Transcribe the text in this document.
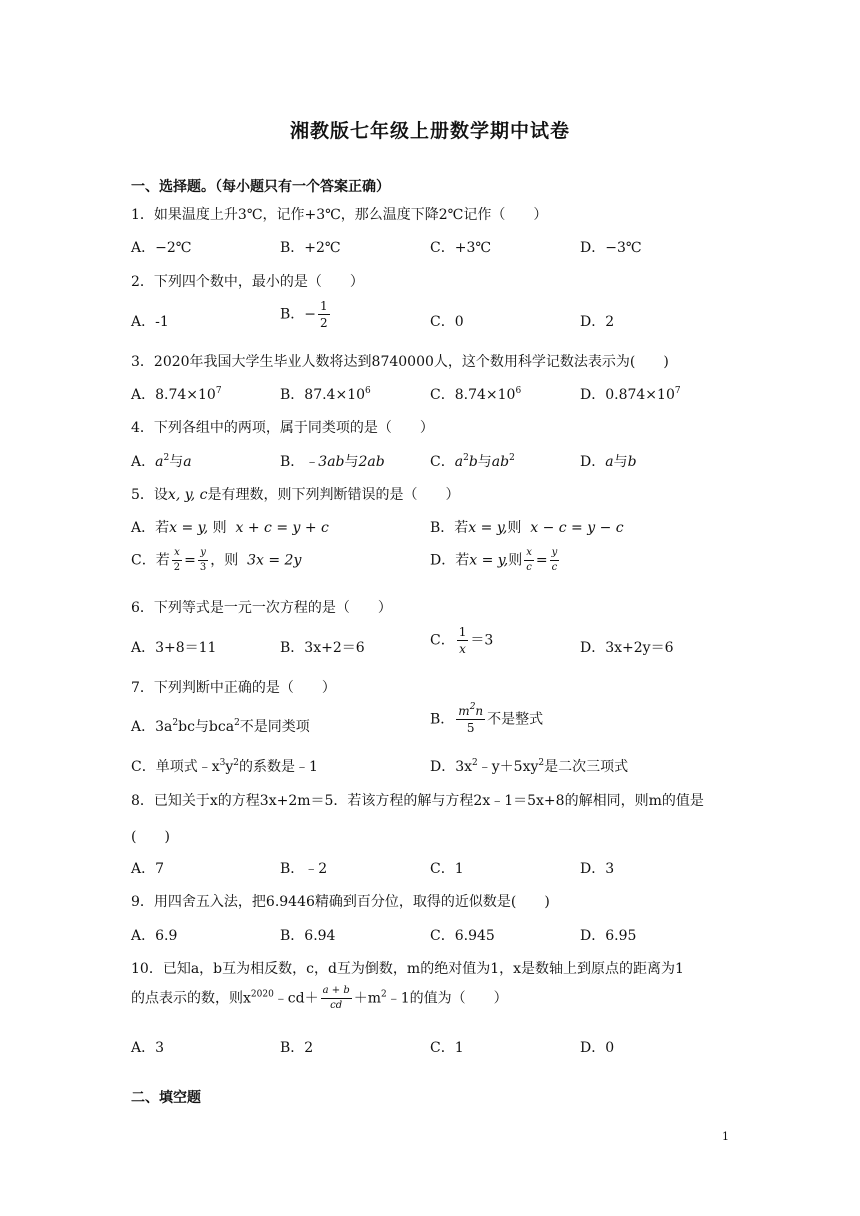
湘教版七年级上册数学期中试卷
一、选择题。（每小题只有一个答案正确）
1．如果温度上升3℃，记作+3℃，那么温度下降2℃记作（　　）
A．−2℃	B．+2℃	C．+3℃	D．−3℃
2．下列四个数中，最小的是（　　）
A．-1	B．− $\frac{1}{2}$	C．0	D．2
3．2020年我国大学生毕业人数将达到8740000人，这个数用科学记数法表示为(　　)
A．$8.74\times 10^7$	B．$87.4\times 10^6$	C．$8.74\times 10^6$	D．$0.874\times 10^7$
4．下列各组中的两项，属于同类项的是（　　）
A．$a^2$与a	B．﹣3ab与2ab	C．$a^2b$与$ab^2$	D．a与b
5．设x, y, c是有理数，则下列判断错误的是（　　）
A．若x = y, 则 x + c = y + c	B．若x = y,则 x − c = y − c
C．若 $\frac{x}{2} = \frac{y}{3}$ ，则 3x = 2y	D．若x = y,则 $\frac{x}{c} = \frac{y}{c}$
6．下列等式是一元一次方程的是（　　）
A．3+8＝11	B．3x+2＝6	C． $\frac{1}{x} =3$	D．3x+2y＝6
7．下列判断中正确的是（　　）
A．$3a^2bc$与bca$^2$不是同类项	B． $\frac{m^2n}{5}$ 不是整式
C．单项式$﹣x^3y^2$的系数是﹣1	D．$3x^2﹣y+5xy^2$是二次三项式
8．已知关于x的方程3x+2m＝5．若该方程的解与方程2x﹣1＝5x+8的解相同，则m的值是(　　)
A．7	B．﹣2	C．1	D．3
9．用四舍五入法，把6.9446精确到百分位，取得的近似数是(　　)
A．6.9	B．6.94	C．6.945	D．6.95
10．已知a，b互为相反数，c，d互为倒数，m的绝对值为1，x是数轴上到原点的距离为1
的点表示的数，则$x^{2020}﹣cd+ \frac{a + b}{cd}$ $+m^2﹣1$的值为（　　）
A．3	B．2	C．1	D．0
二、填空题
1
